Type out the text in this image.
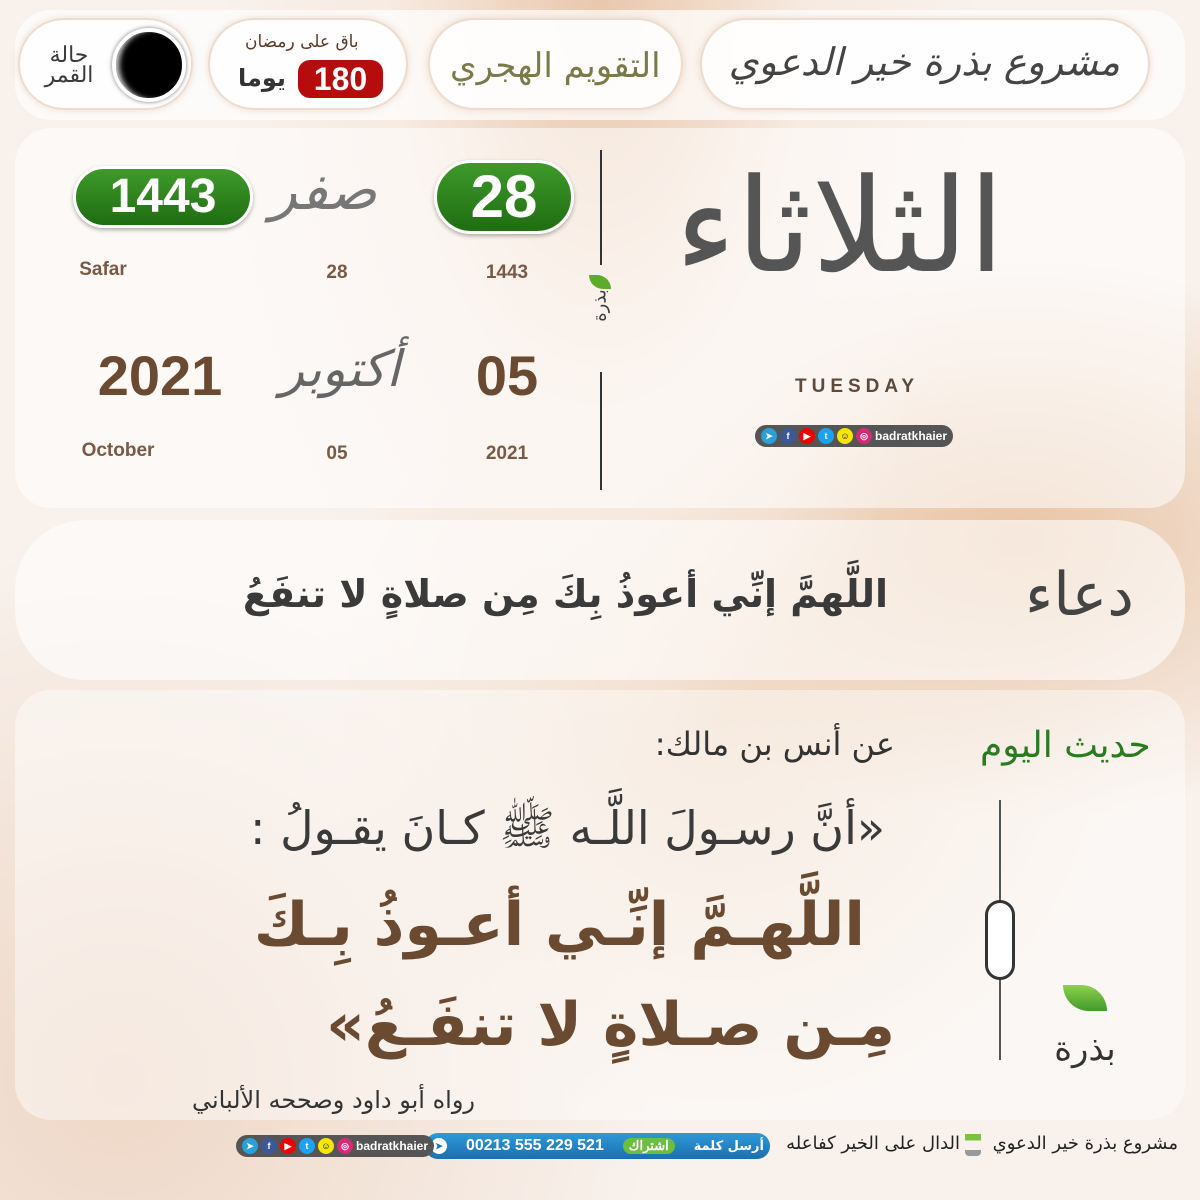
مشروع بذرة خير الدعوي
التقويم الهجري
باق على رمضان
180
يوما
حالة القمر
28
صفر
1443
1443
28
Safar
05
أكتوبر
2021
2021
05
October
بذرة
الثلاثاء
TUESDAY
➤	f	▶	t	☺	◎ badratkhaier
دعاء
اللَّهمَّ إنِّي أعوذُ بِكَ مِن صلاةٍ لا تنفَعُ
حديث اليوم
عن أنس بن مالك:
«أنَّ رسـولَ اللَّـه ﷺ كـانَ يقـولُ :
اللَّهـمَّ إنِّـي أعـوذُ بِـكَ
مِـن صـلاةٍ لا تنفَـعُ»
رواه أبو داود وصححه الألباني
بذرة
مشروع بذرة خير الدعوي
الدال على الخير كفاعله
أرسل كلمة
اشتراك
00213 555 229 521
➤
➤	f	▶	t	☺	◎ badratkhaier
